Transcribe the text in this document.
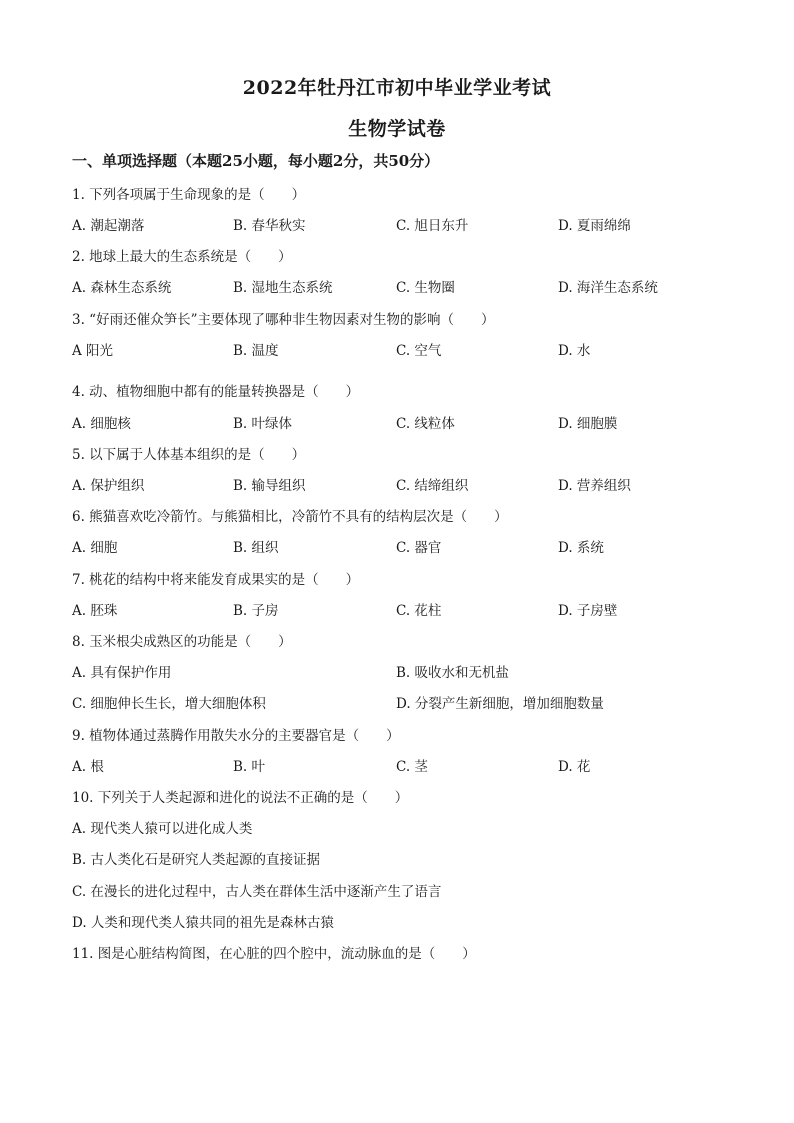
2022年牡丹江市初中毕业学业考试
生物学试卷
一、单项选择题（本题25小题，每小题2分，共50分）
1. 下列各项属于生命现象的是（　　）
A. 潮起潮落	B. 春华秋实	C. 旭日东升	D. 夏雨绵绵
2. 地球上最大的生态系统是（　　）
A. 森林生态系统	B. 湿地生态系统	C. 生物圈	D. 海洋生态系统
3. “好雨还催众笋长”主要体现了哪种非生物因素对生物的影响（　　）
A 阳光	B. 温度	C. 空气	D. 水
4. 动、植物细胞中都有的能量转换器是（　　）
A. 细胞核	B. 叶绿体	C. 线粒体	D. 细胞膜
5. 以下属于人体基本组织的是（　　）
A. 保护组织	B. 输导组织	C. 结缔组织	D. 营养组织
6. 熊猫喜欢吃冷箭竹。与熊猫相比，冷箭竹不具有的结构层次是（　　）
A. 细胞	B. 组织	C. 器官	D. 系统
7. 桃花的结构中将来能发育成果实的是（　　）
A. 胚珠	B. 子房	C. 花柱	D. 子房壁
8. 玉米根尖成熟区的功能是（　　）
A. 具有保护作用	B. 吸收水和无机盐
C. 细胞伸长生长，增大细胞体积	D. 分裂产生新细胞，增加细胞数量
9. 植物体通过蒸腾作用散失水分的主要器官是（　　）
A. 根	B. 叶	C. 茎	D. 花
10. 下列关于人类起源和进化的说法不正确的是（　　）
A. 现代类人猿可以进化成人类
B. 古人类化石是研究人类起源的直接证据
C. 在漫长的进化过程中，古人类在群体生活中逐渐产生了语言
D. 人类和现代类人猿共同的祖先是森林古猿
11. 图是心脏结构简图，在心脏的四个腔中，流动脉血的是（　　）
